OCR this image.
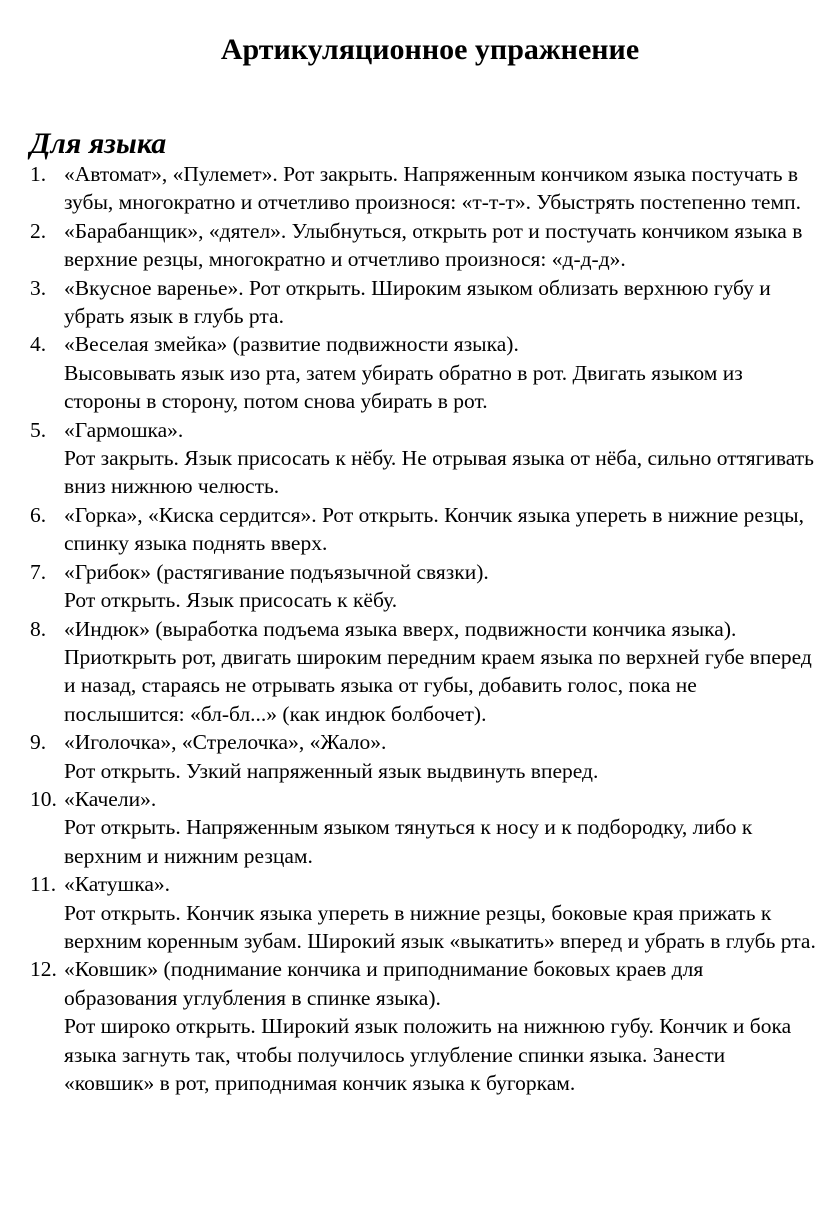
Артикуляционное упражнение
Для языка
1. «Автомат», «Пулемет». Рот закрыть. Напряженным кончиком языка постучать в зубы, многократно и отчетливо произнося: «т-т-т». Убыстрять постепенно темп.
2. «Барабанщик», «дятел». Улыбнуться, открыть рот и постучать кончиком языка в верхние резцы, многократно и отчетливо произнося: «д-д-д».
3. «Вкусное варенье». Рот открыть. Широким языком облизать верхнюю губу и убрать язык в глубь рта.
4. «Веселая змейка» (развитие подвижности языка).
Высовывать язык изо рта, затем убирать обратно в рот. Двигать языком из стороны в сторону, потом снова убирать в рот.
5. «Гармошка».
Рот закрыть. Язык присосать к нёбу. Не отрывая языка от нёба, сильно оттягивать вниз нижнюю челюсть.
6. «Горка», «Киска сердится». Рот открыть. Кончик языка упереть в нижние резцы, спинку языка поднять вверх.
7. «Грибок» (растягивание подъязычной связки).
Рот открыть. Язык присосать к кёбу.
8. «Индюк» (выработка подъема языка вверх, подвижности кончика языка).
Приоткрыть рот, двигать широким передним краем языка по верхней губе вперед и назад, стараясь не отрывать языка от губы, добавить голос, пока не послышится: «бл-бл...» (как индюк болбочет).
9. «Иголочка», «Стрелочка», «Жало».
Рот открыть. Узкий напряженный язык выдвинуть вперед.
10. «Качели».
Рот открыть. Напряженным языком тянуться к носу и к подбородку, либо к верхним и нижним резцам.
11. «Катушка».
Рот открыть. Кончик языка упереть в нижние резцы, боковые края прижать к верхним коренным зубам. Широкий язык «выкатить» вперед и убрать в глубь рта.
12. «Ковшик» (поднимание кончика и приподнимание боковых краев для образования углубления в спинке языка).
Рот широко открыть. Широкий язык положить на нижнюю губу. Кончик и бока языка загнуть так, чтобы получилось углубление спинки языка. Занести «ковшик» в рот, приподнимая кончик языка к бугоркам.
